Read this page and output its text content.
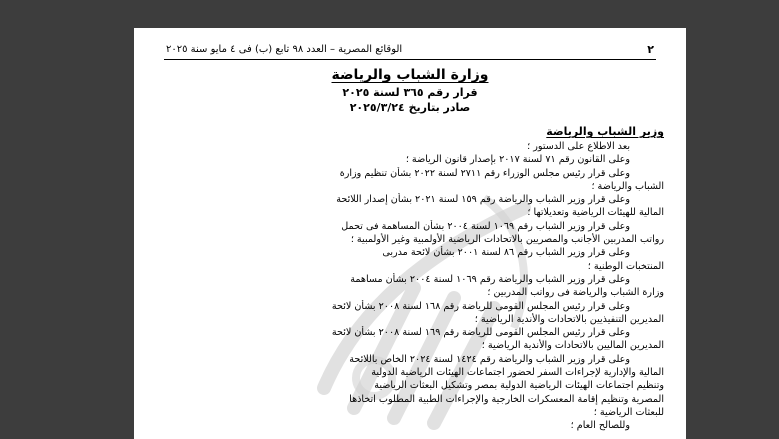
٢
الوقائع المصرية – العدد ٩٨ تابع (ب) فى ٤ مايو سنة ٢٠٢٥
وزارة الشباب والرياضة
قرار رقم ٣٦٥ لسنة ٢٠٢٥
صادر بتاريخ ٢٠٢٥/٣/٢٤
وزير الشباب والرياضة
بعد الاطلاع على الدستور ؛
وعلى القانون رقم ٧١ لسنة ٢٠١٧ بإصدار قانون الرياضة ؛
وعلى قرار رئيس مجلس الوزراء رقم ٢٧١١ لسنة ٢٠٢٢ بشأن تنظيم وزارة
الشباب والرياضة ؛
وعلى قرار وزير الشباب والرياضة رقم ١٥٩ لسنة ٢٠٢١ بشأن إصدار اللائحة
المالية للهيئات الرياضية وتعديلاتها ؛
وعلى قرار وزير الشباب رقم ١٠٦٩ لسنة ٢٠٠٤ بشأن المساهمة فى تحمل
رواتب المدربين الأجانب والمصريين بالاتحادات الرياضية الأولمبية وغير الأولمبية ؛
وعلى قرار وزير الشباب رقم ٨٦ لسنة ٢٠٠١ بشأن لائحة مدربى
المنتخبات الوطنية ؛
وعلى قرار وزير الشباب والرياضة رقم ١٠٦٩ لسنة ٢٠٠٤ بشأن مساهمة
وزارة الشباب والرياضة فى رواتب المدربين ؛
وعلى قرار رئيس المجلس القومى للرياضة رقم ١٦٨ لسنة ٢٠٠٨ بشأن لائحة
المديرين التنفيذيين بالاتحادات والأندية الرياضية ؛
وعلى قرار رئيس المجلس القومى للرياضة رقم ١٦٩ لسنة ٢٠٠٨ بشأن لائحة
المديرين الماليين بالاتحادات والأندية الرياضية ؛
وعلى قرار وزير الشباب والرياضة رقم ١٤٢٤ لسنة ٢٠٢٤ الخاص باللائحة
المالية والإدارية لإجراءات السفر لحضور اجتماعات الهيئات الرياضية الدولية
وتنظيم اجتماعات الهيئات الرياضية الدولية بمصر وتشكيل البعثات الرياضية
المصرية وتنظيم إقامة المعسكرات الخارجية والإجراءات الطبية المطلوب اتخاذها
للبعثات الرياضية ؛
وللصالح العام ؛
